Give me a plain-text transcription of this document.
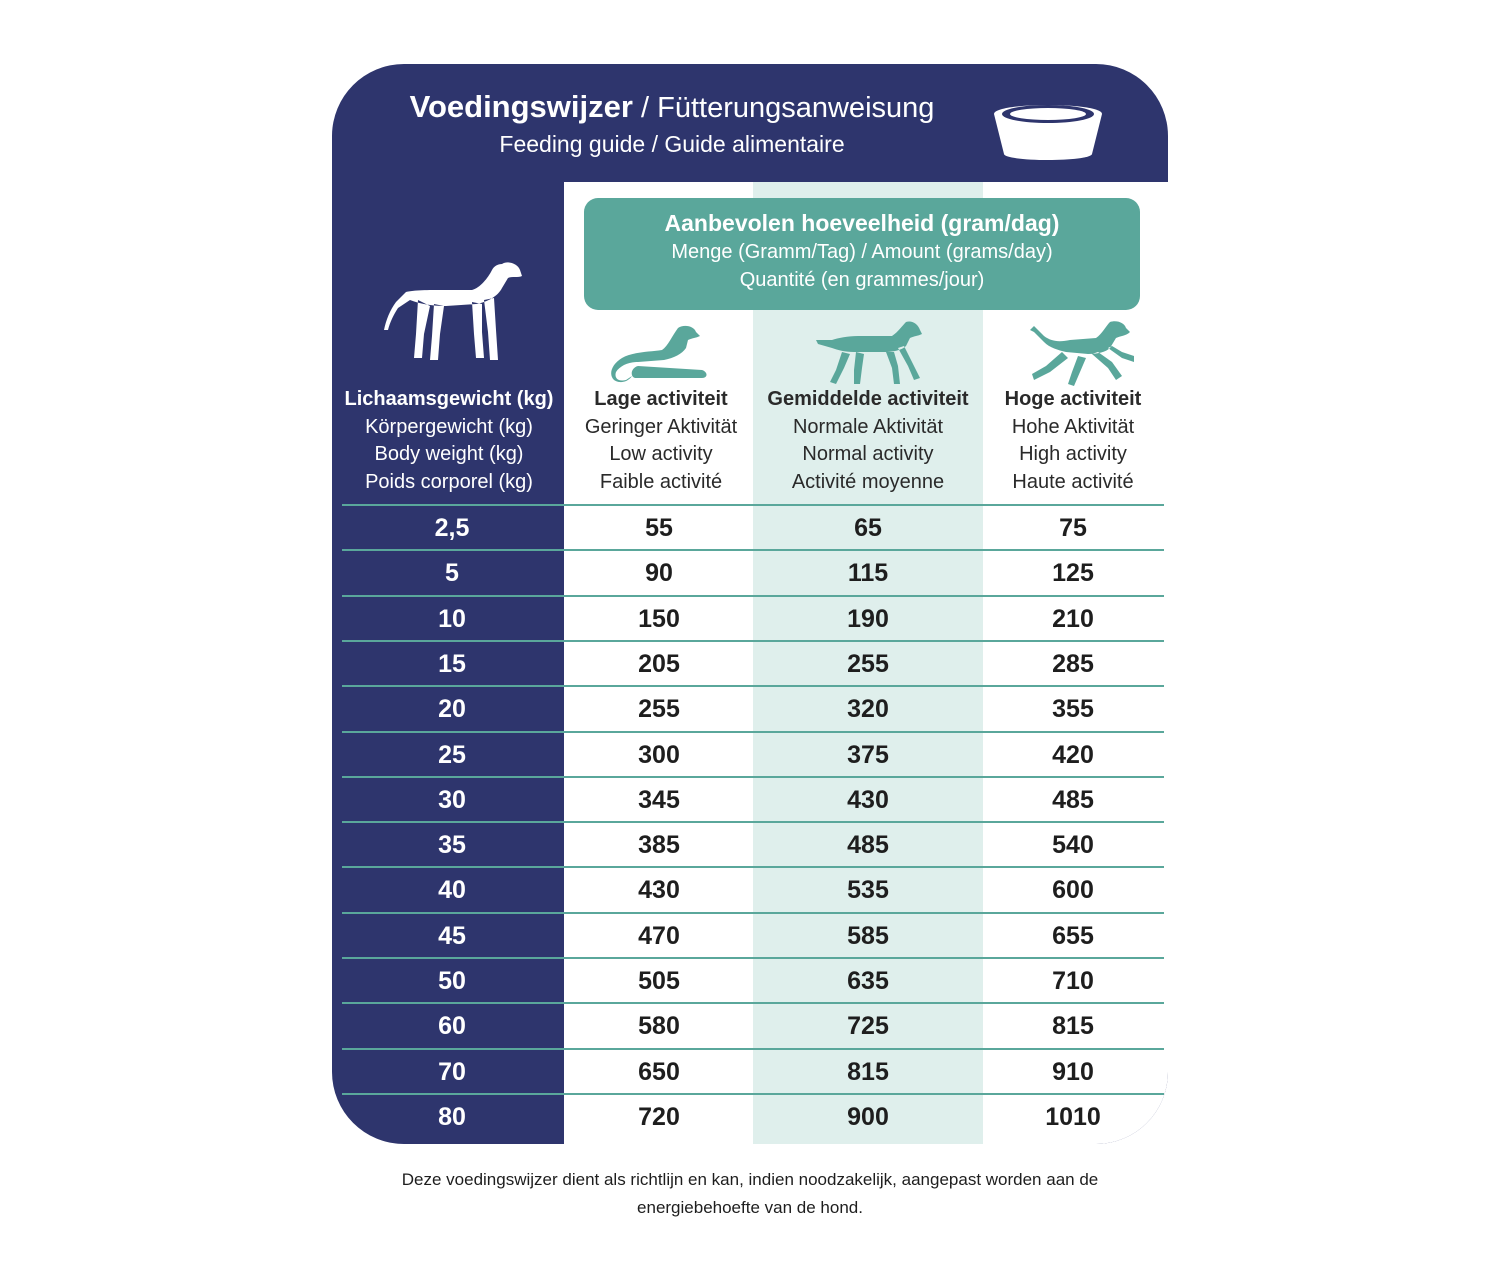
Voedingswijzer / Fütterungsanweisung
Feeding guide / Guide alimentaire
Aanbevolen hoeveelheid (gram/dag)
Menge (Gramm/Tag) / Amount (grams/day)
Quantité (en grammes/jour)
Lichaamsgewicht (kg)
Körpergewicht (kg)
Body weight (kg)
Poids corporel (kg)
Lage activiteit
Geringer Aktivität
Low activity
Faible activité
Gemiddelde activiteit
Normale Aktivität
Normal activity
Activité moyenne
Hoge activiteit
Hohe Aktivität
High activity
Haute activité
2,5	55	65	75
5	90	115	125
10	150	190	210
15	205	255	285
20	255	320	355
25	300	375	420
30	345	430	485
35	385	485	540
40	430	535	600
45	470	585	655
50	505	635	710
60	580	725	815
70	650	815	910
80	720	900	1010
Deze voedingswijzer dient als richtlijn en kan, indien noodzakelijk, aangepast worden aan de
energiebehoefte van de hond.
